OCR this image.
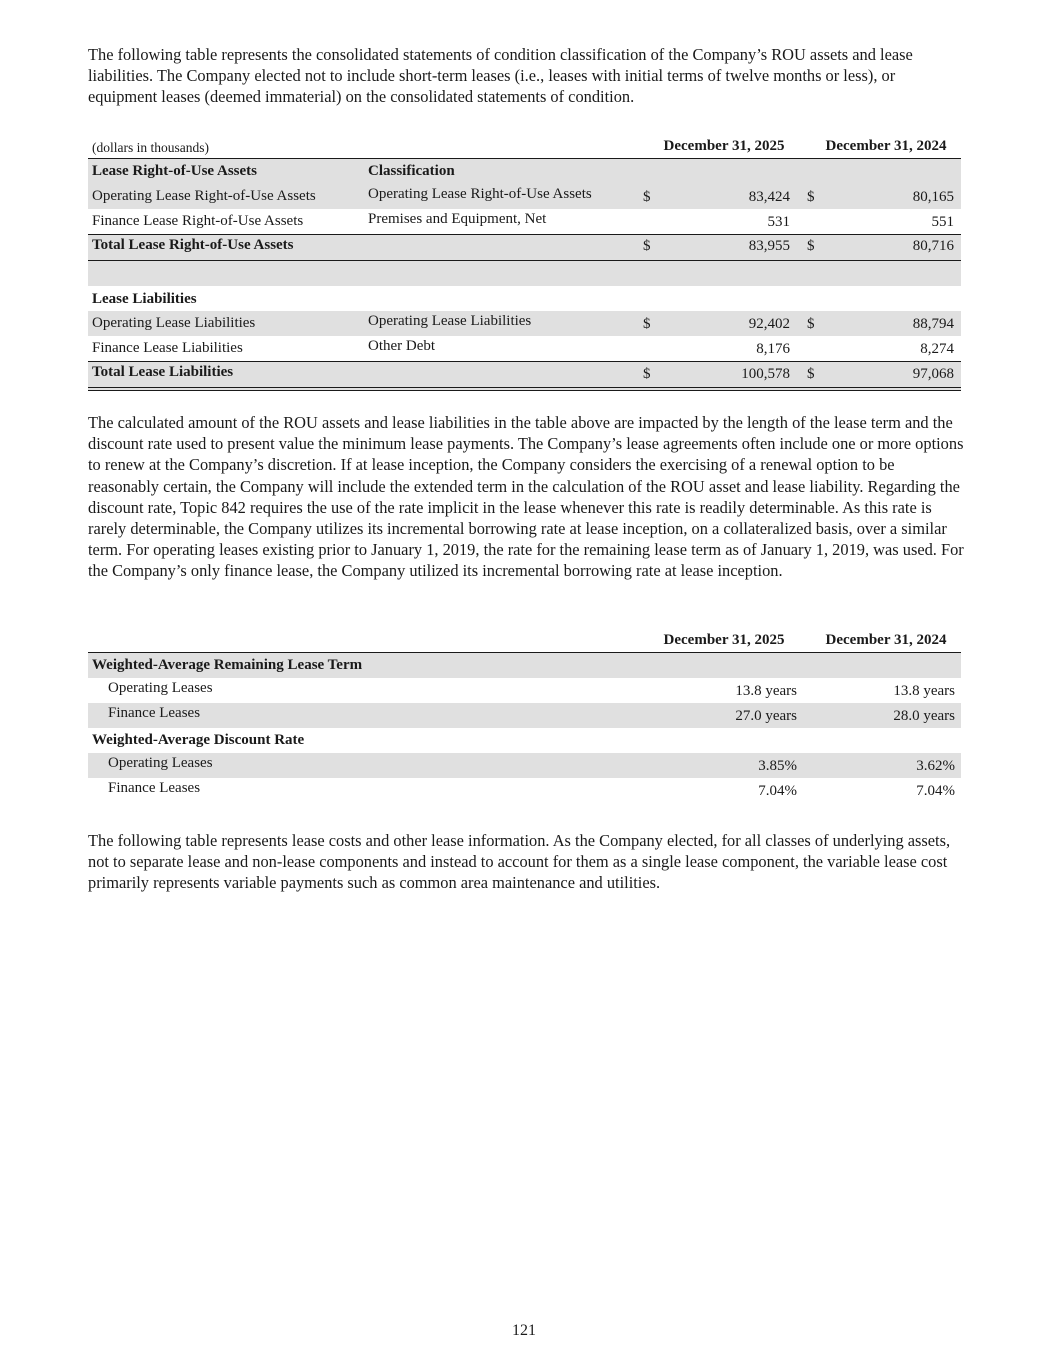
The following table represents the consolidated statements of condition classification of the Company’s ROU assets and lease liabilities. The Company elected not to include short-term leases (i.e., leases with initial terms of twelve months or less), or equipment leases (deemed immaterial) on the consolidated statements of condition.

(dollars in thousands)	December 31, 2025	December 31, 2024
Lease Right-of-Use Assets	Classification
Operating Lease Right-of-Use Assets	Operating Lease Right-of-Use Assets	$	83,424 $	80,165
Finance Lease Right-of-Use Assets	Premises and Equipment, Net	531	551
Total Lease Right-of-Use Assets	$	83,955 $	80,716
Lease Liabilities
Operating Lease Liabilities	Operating Lease Liabilities	$	92,402 $	88,794
Finance Lease Liabilities	Other Debt	8,176	8,274
Total Lease Liabilities	$	100,578 $	97,068

The calculated amount of the ROU assets and lease liabilities in the table above are impacted by the length of the lease term and the discount rate used to present value the minimum lease payments. The Company’s lease agreements often include one or more options to renew at the Company’s discretion. If at lease inception, the Company considers the exercising of a renewal option to be reasonably certain, the Company will include the extended term in the calculation of the ROU asset and lease liability. Regarding the discount rate, Topic 842 requires the use of the rate implicit in the lease whenever this rate is readily determinable. As this rate is rarely determinable, the Company utilizes its incremental borrowing rate at lease inception, on a collateralized basis, over a similar term. For operating leases existing prior to January 1, 2019, the rate for the remaining lease term as of January 1, 2019, was used. For the Company’s only finance lease, the Company utilized its incremental borrowing rate at lease inception.

December 31, 2025	December 31, 2024
Weighted-Average Remaining Lease Term
Operating Leases	13.8 years	13.8 years
Finance Leases	27.0 years	28.0 years
Weighted-Average Discount Rate
Operating Leases	3.85%	3.62%
Finance Leases	7.04%	7.04%

The following table represents lease costs and other lease information. As the Company elected, for all classes of underlying assets, not to separate lease and non-lease components and instead to account for them as a single lease component, the variable lease cost primarily represents variable payments such as common area maintenance and utilities.

121
